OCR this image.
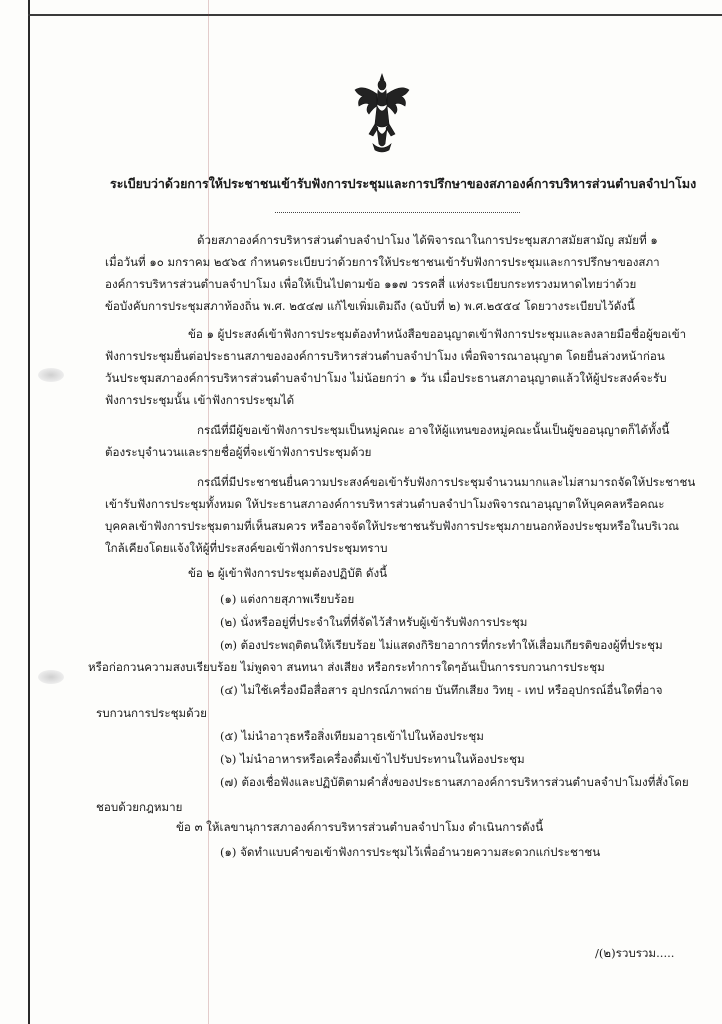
ระเบียบว่าด้วยการให้ประชาชนเข้ารับฟังการประชุมและการปรึกษาของสภาองค์การบริหารส่วนตำบลจำปาโมง
ด้วยสภาองค์การบริหารส่วนตำบลจำปาโมง ได้พิจารณาในการประชุมสภาสมัยสามัญ สมัยที่ ๑
เมื่อวันที่ ๑๐ มกราคม ๒๕๖๕ กำหนดระเบียบว่าด้วยการให้ประชาชนเข้ารับฟังการประชุมและการปรึกษาของสภา
องค์การบริหารส่วนตำบลจำปาโมง เพื่อให้เป็นไปตามข้อ ๑๑๗ วรรคสี่ แห่งระเบียบกระทรวงมหาดไทยว่าด้วย
ข้อบังคับการประชุมสภาท้องถิ่น พ.ศ. ๒๕๔๗ แก้ไขเพิ่มเติมถึง (ฉบับที่ ๒) พ.ศ.๒๕๕๔ โดยวางระเบียบไว้ดังนี้
ข้อ ๑ ผู้ประสงค์เข้าฟังการประชุมต้องทำหนังสือขออนุญาตเข้าฟังการประชุมและลงลายมือชื่อผู้ขอเข้า
ฟังการประชุมยื่นต่อประธานสภาขององค์การบริหารส่วนตำบลจำปาโมง เพื่อพิจารณาอนุญาต โดยยื่นล่วงหน้าก่อน
วันประชุมสภาองค์การบริหารส่วนตำบลจำปาโมง ไม่น้อยกว่า ๑ วัน เมื่อประธานสภาอนุญาตแล้วให้ผู้ประสงค์จะรับ
ฟังการประชุมนั้น เข้าฟังการประชุมได้
กรณีที่มีผู้ขอเข้าฟังการประชุมเป็นหมู่คณะ อาจให้ผู้แทนของหมู่คณะนั้นเป็นผู้ขออนุญาตก็ได้ทั้งนี้
ต้องระบุจำนวนและรายชื่อผู้ที่จะเข้าฟังการประชุมด้วย
กรณีที่มีประชาชนยื่นความประสงค์ขอเข้ารับฟังการประชุมจำนวนมากและไม่สามารถจัดให้ประชาชน
เข้ารับฟังการประชุมทั้งหมด ให้ประธานสภาองค์การบริหารส่วนตำบลจำปาโมงพิจารณาอนุญาตให้บุคคลหรือคณะ
บุคคลเข้าฟังการประชุมตามที่เห็นสมควร หรืออาจจัดให้ประชาชนรับฟังการประชุมภายนอกห้องประชุมหรือในบริเวณ
ใกล้เคียงโดยแจ้งให้ผู้ที่ประสงค์ขอเข้าฟังการประชุมทราบ
ข้อ ๒ ผู้เข้าฟังการประชุมต้องปฏิบัติ ดังนี้
(๑) แต่งกายสุภาพเรียบร้อย
(๒) นั่งหรืออยู่ที่ประจำในที่ที่จัดไว้สำหรับผู้เข้ารับฟังการประชุม
(๓) ต้องประพฤติตนให้เรียบร้อย ไม่แสดงกิริยาอาการที่กระทำให้เสื่อมเกียรติของผู้ที่ประชุม
หรือก่อกวนความสงบเรียบร้อย ไม่พูดจา สนทนา ส่งเสียง หรือกระทำการใดๆอันเป็นการรบกวนการประชุม
(๔) ไม่ใช้เครื่องมือสื่อสาร อุปกรณ์ภาพถ่าย บันทึกเสียง วิทยุ - เทป หรืออุปกรณ์อื่นใดที่อาจ
รบกวนการประชุมด้วย
(๕) ไม่นำอาวุธหรือสิ่งเทียมอาวุธเข้าไปในห้องประชุม
(๖) ไม่นำอาหารหรือเครื่องดื่มเข้าไปรับประทานในห้องประชุม
(๗) ต้องเชื่อฟังและปฏิบัติตามคำสั่งของประธานสภาองค์การบริหารส่วนตำบลจำปาโมงที่สั่งโดย
ชอบด้วยกฎหมาย
ข้อ ๓ ให้เลขานุการสภาองค์การบริหารส่วนตำบลจำปาโมง ดำเนินการดังนี้
(๑) จัดทำแบบคำขอเข้าฟังการประชุมไว้เพื่ออำนวยความสะดวกแก่ประชาชน
/(๒)รวบรวม.....
